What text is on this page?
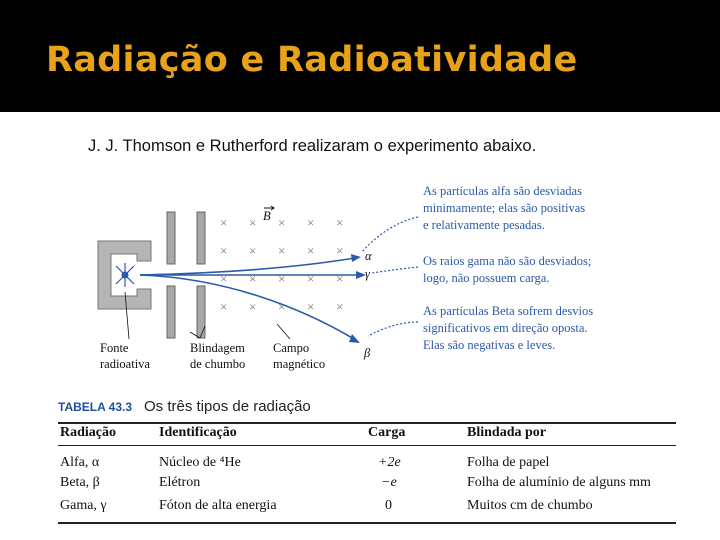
Radiação e Radioatividade
J. J. Thomson e Rutherford realizaram o experimento abaixo.
B
× × × × ×
× × × × ×
× × × × ×
× × × × ×
α
γ
β
As partículas alfa são desviadas minimamente; elas são positivas e relativamente pesadas.
Os raios gama não são desviados; logo, não possuem carga.
As partículas Beta sofrem desvios significativos em direção oposta. Elas são negativas e leves.
Fonte radioativa
Blindagem de chumbo
Campo magnético
TABELA 43.3 Os três tipos de radiação
Radiação	Identificação	Carga	Blindada por
Alfa, α	Núcleo de ⁴He	+2e	Folha de papel
Beta, β	Elétron	−e	Folha de alumínio de alguns mm
Gama, γ	Fóton de alta energia	0	Muitos cm de chumbo
